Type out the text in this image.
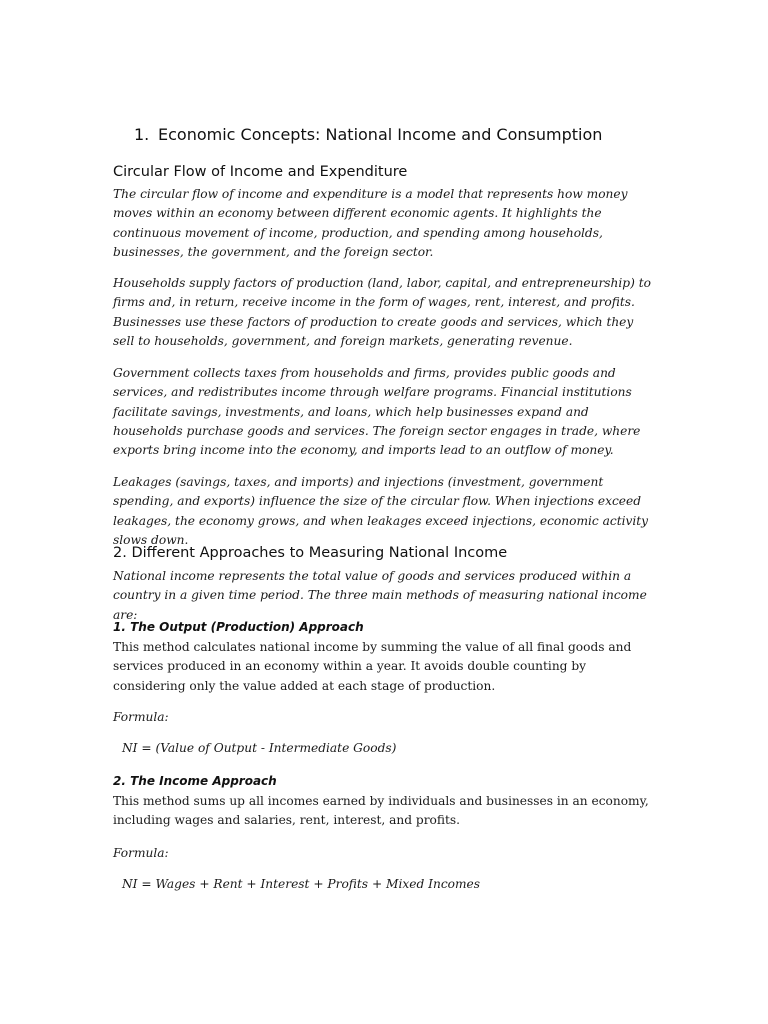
1. Economic Concepts: National Income and Consumption
Circular Flow of Income and Expenditure

The circular flow of income and expenditure is a model that represents how money moves within an economy between different economic agents. It highlights the continuous movement of income, production, and spending among households, businesses, the government, and the foreign sector.

Households supply factors of production (land, labor, capital, and entrepreneurship) to firms and, in return, receive income in the form of wages, rent, interest, and profits. Businesses use these factors of production to create goods and services, which they sell to households, government, and foreign markets, generating revenue.

Government collects taxes from households and firms, provides public goods and services, and redistributes income through welfare programs. Financial institutions facilitate savings, investments, and loans, which help businesses expand and households purchase goods and services. The foreign sector engages in trade, where exports bring income into the economy, and imports lead to an outflow of money.

Leakages (savings, taxes, and imports) and injections (investment, government spending, and exports) influence the size of the circular flow. When injections exceed leakages, the economy grows, and when leakages exceed injections, economic activity slows down.

2. Different Approaches to Measuring National Income

National income represents the total value of goods and services produced within a country in a given time period. The three main methods of measuring national income are:

1. The Output (Production) Approach

This method calculates national income by summing the value of all final goods and services produced in an economy within a year. It avoids double counting by considering only the value added at each stage of production.

Formula:

NI = (Value of Output - Intermediate Goods)
2. The Income Approach

This method sums up all incomes earned by individuals and businesses in an economy, including wages and salaries, rent, interest, and profits.

Formula:

NI = Wages + Rent + Interest + Profits + Mixed Incomes
